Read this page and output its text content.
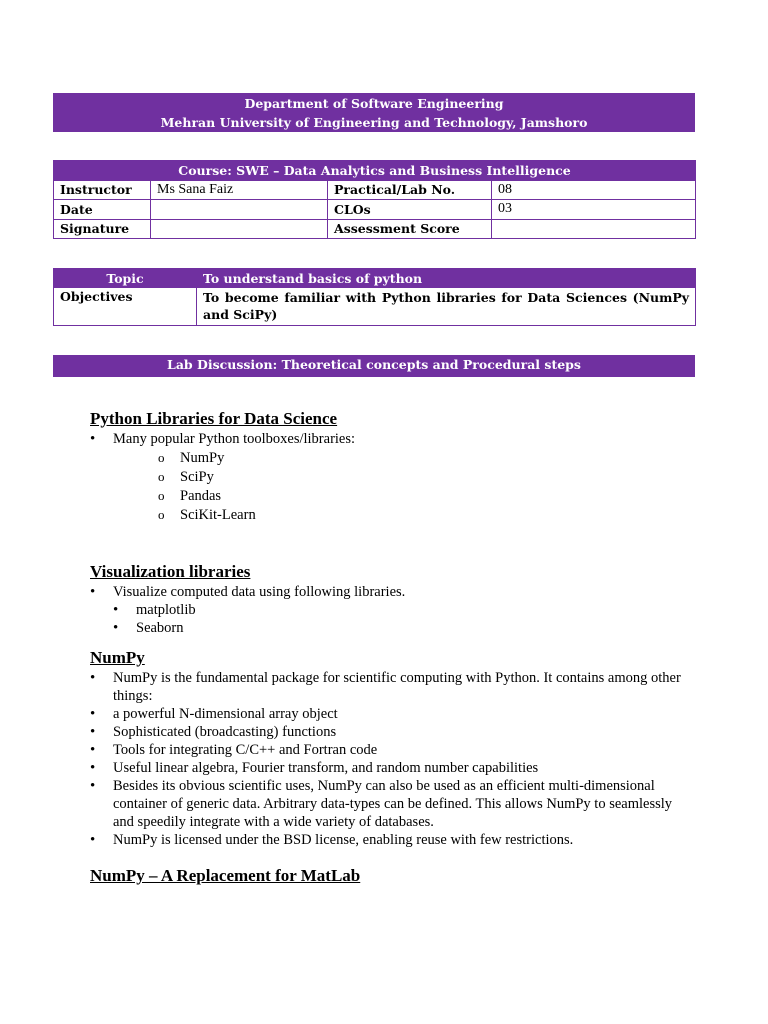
Department of Software Engineering
Mehran University of Engineering and Technology, Jamshoro
Course: SWE – Data Analytics and Business Intelligence			
Instructor	Ms Sana Faiz	Practical/Lab No.	08
Date		CLOs	03
Signature		Assessment Score	
Topic	To understand basics of python
Objectives	To become familiar with Python libraries for Data Sciences (NumPy and SciPy)
Lab Discussion: Theoretical concepts and Procedural steps
Python Libraries for Data Science
• Many popular Python toolboxes/libraries:
o NumPy
o SciPy
o Pandas
o SciKit-Learn
Visualization libraries
• Visualize computed data using following libraries.
• matplotlib
• Seaborn
NumPy
• NumPy is the fundamental package for scientific computing with Python. It contains among other things:
• a powerful N-dimensional array object
• Sophisticated (broadcasting) functions
• Tools for integrating C/C++ and Fortran code
• Useful linear algebra, Fourier transform, and random number capabilities
• Besides its obvious scientific uses, NumPy can also be used as an efficient multi-dimensional container of generic data. Arbitrary data-types can be defined. This allows NumPy to seamlessly and speedily integrate with a wide variety of databases.
• NumPy is licensed under the BSD license, enabling reuse with few restrictions.
NumPy – A Replacement for MatLab
